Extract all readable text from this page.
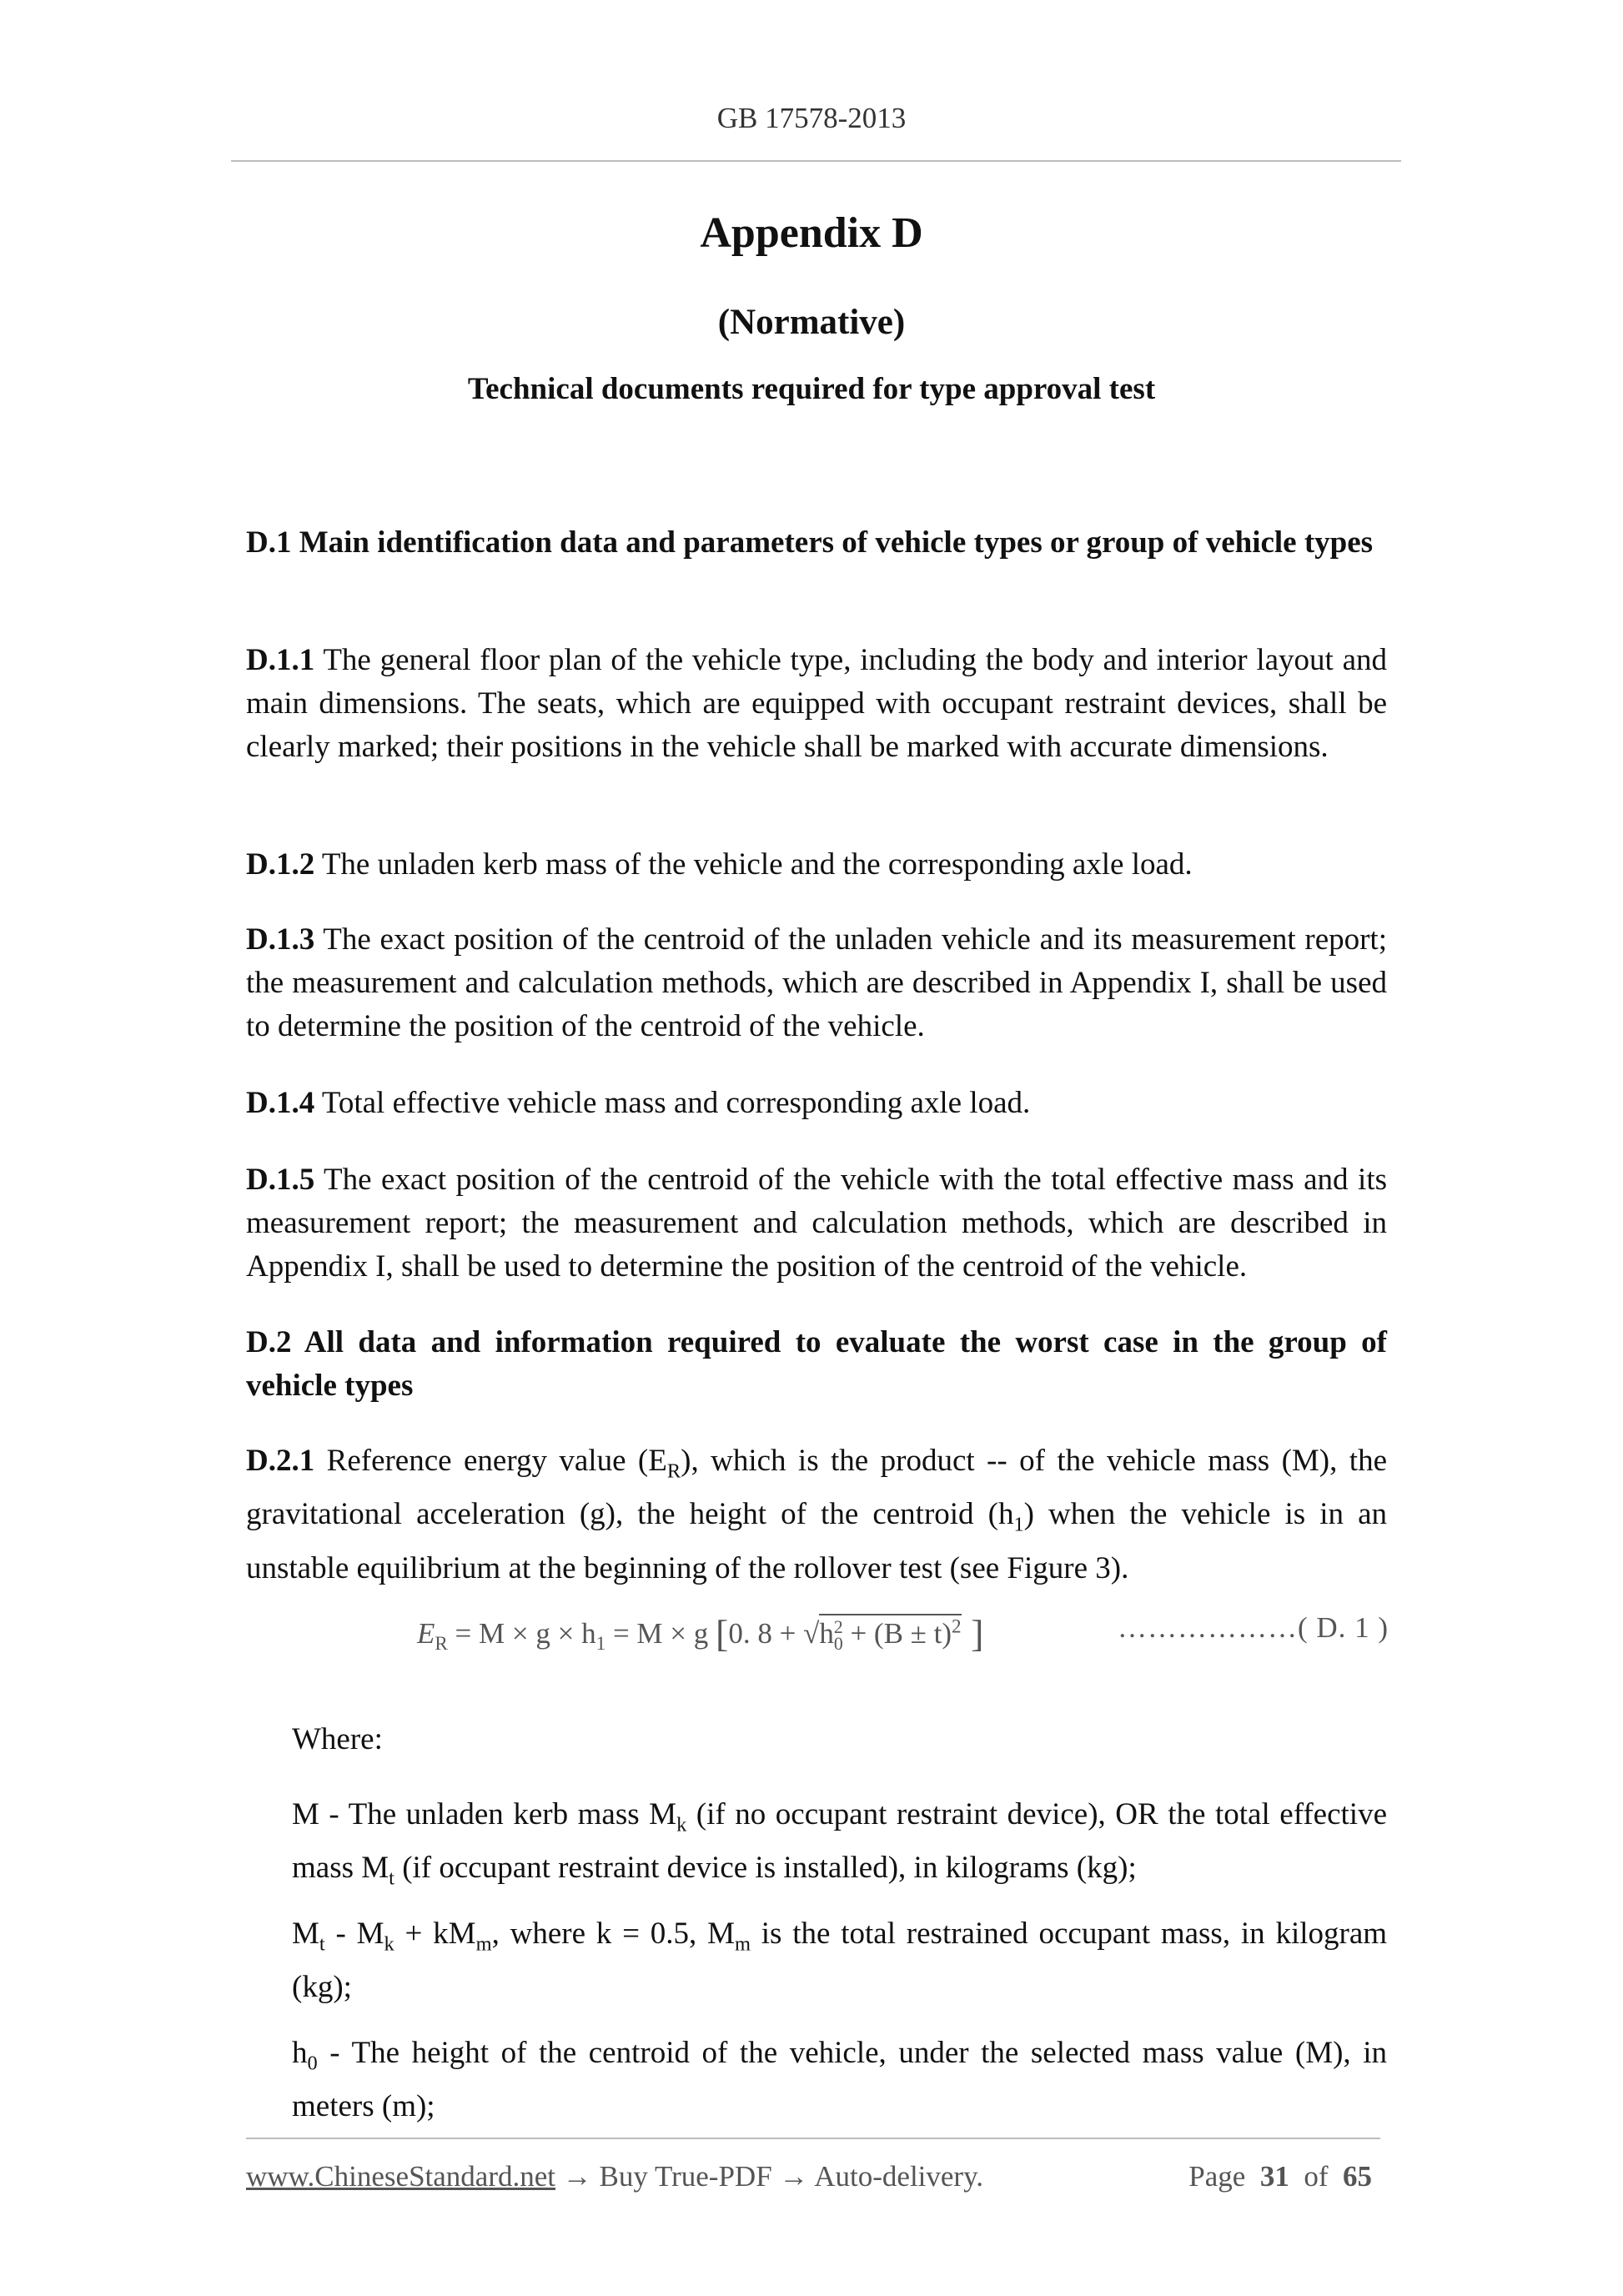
GB 17578-2013
Appendix D
(Normative)
Technical documents required for type approval test

D.1 Main identification data and parameters of vehicle types or group of vehicle types

D.1.1 The general floor plan of the vehicle type, including the body and interior layout and main dimensions. The seats, which are equipped with occupant restraint devices, shall be clearly marked; their positions in the vehicle shall be marked with accurate dimensions.

D.1.2 The unladen kerb mass of the vehicle and the corresponding axle load.

D.1.3 The exact position of the centroid of the unladen vehicle and its measurement report; the measurement and calculation methods, which are described in Appendix I, shall be used to determine the position of the centroid of the vehicle.

D.1.4 Total effective vehicle mass and corresponding axle load.

D.1.5 The exact position of the centroid of the vehicle with the total effective mass and its measurement report; the measurement and calculation methods, which are described in Appendix I, shall be used to determine the position of the centroid of the vehicle.

D.2 All data and information required to evaluate the worst case in the group of vehicle types

D.2.1 Reference energy value $(E_R)$, which is the product -- of the vehicle mass (M), the gravitational acceleration (g), the height of the centroid $(h_1)$ when the vehicle is in an unstable equilibrium at the beginning of the rollover test (see Figure 3).

$E_R = M \times g \times h_1 = M \times g$ [0. 8 + √h 2
$0 + (B \pm t)^2$ ]	………………( D. 1 )

Where:

M - The unladen kerb mass $M_k$ (if no occupant restraint device), OR the total effective mass $M_t$ (if occupant restraint device is installed), in kilograms (kg);

$M_t - M_k + kM_m$, where k = 0.5, $M_m$ is the total restrained occupant mass, in kilogram (kg);

$h_0$ - The height of the centroid of the vehicle, under the selected mass value (M), in meters (m);

www.ChineseStandard.net → Buy True-PDF → Auto-delivery.	Page 31 of 65
